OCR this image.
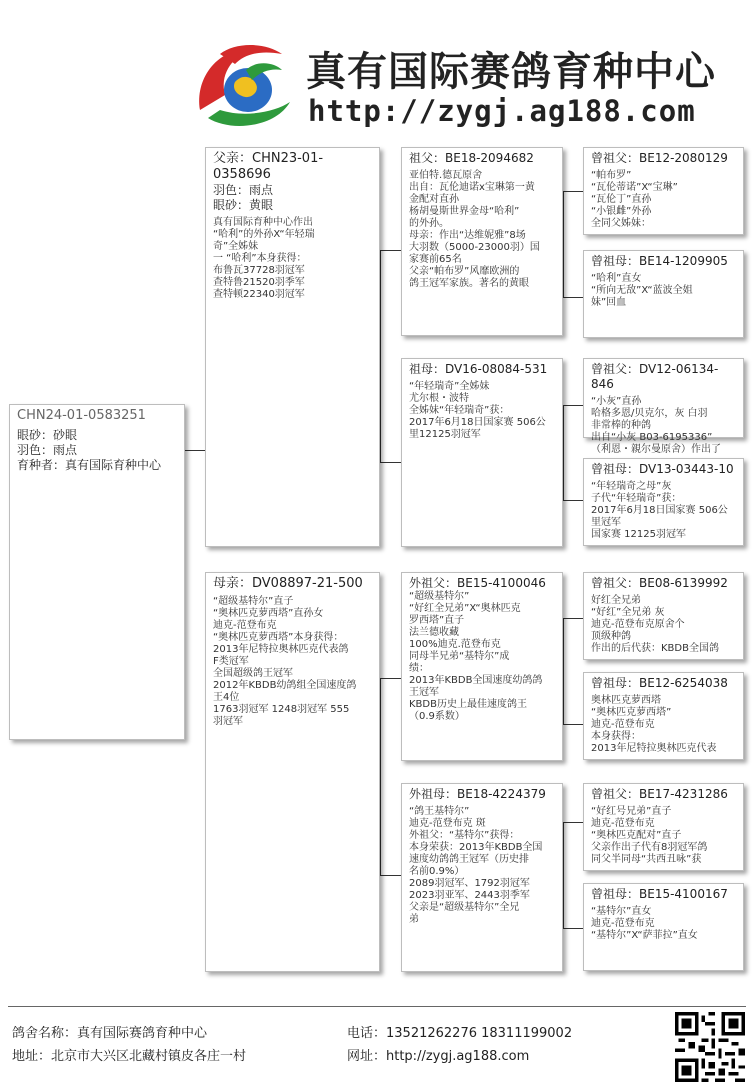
真有国际赛鸽育种中心
http://zygj.ag188.com
CHN24-01-0583251
眼砂：砂眼
羽色：雨点
育种者：真有国际育种中心
父亲：CHN23-01-0358696
羽色：雨点
眼砂：黄眼
真有国际育种中心作出
“哈利”的外孙X“年轻瑞
奇”全姊妹
一 “哈利”本身获得：
布鲁瓦37728羽冠军
查特鲁21520羽季军
查特顿22340羽冠军
母亲：DV08897-21-500
“超级基特尔”直子
“奥林匹克萝西塔”直孙女
迪克-范登布克
“奥林匹克萝西塔”本身获得：
2013年尼特拉奥林匹克代表鸽
F类冠军
全国超级鸽王冠军
2012年KBDB幼鸽组全国速度鸽
王4位
1763羽冠军 1248羽冠军 555
羽冠军
祖父：BE18-2094682
亚伯特.德瓦原舍
出自：瓦伦迪诺x宝琳第一黄
金配对直孙
杨胡曼斯世界金母“哈利”
的外孙。
母亲：作出“达维妮雅”8场
大羽数（5000-23000羽）国
家赛前65名
父亲“帕布罗”风靡欧洲的
鸽王冠军家族。著名的黄眼
祖母：DV16-08084-531
“年轻瑞奇”全姊妹
尤尔根・波特
全姊妹“年轻瑞奇”获：
2017年6月18日国家赛 506公
里12125羽冠军
外祖父：BE15-4100046
“超级基特尔”
“好红全兄弟”X“奥林匹克
罗西塔”直子
法兰德收藏
100%迪克.范登布克
同母半兄弟“基特尔”成
绩：
2013年KBDB全国速度幼鸽鸽
王冠军
KBDB历史上最佳速度鸽王
（0.9系数）
外祖母：BE18-4224379
“鸽王基特尔”
迪克-范登布克 斑
外祖父：“基特尔”获得：
本身荣获：2013年KBDB全国
速度幼鸽鸽王冠军（历史排
名前0.9%）
2089羽冠军、1792羽冠军
2023羽亚军、2443羽季军
父亲是“超级基特尔”全兄
弟
曾祖父：BE12-2080129
“帕布罗”
“瓦伦蒂诺”X“宝琳”
“瓦伦丁”直孙
“小银雌”外孙
全同父姊妹：
曾祖母：BE14-1209905
“哈利”直女
“所向无敌”X“蓝波全姐
妹”回血
曾祖父：DV12-06134-846
“小灰”直孙
哈格多恩/贝克尔，灰 白羽
非常棒的种鸽
出自“小灰 B03-6195336”
（利恩・親尔曼原舍）作出了
曾祖母：DV13-03443-10
“年轻瑞奇之母”灰
子代“年轻瑞奇”获：
2017年6月18日国家赛 506公
里冠军
国家赛 12125羽冠军
曾祖父：BE08-6139992
好红全兄弟
“好红”全兄弟 灰
迪克-范登布克原舍个
顶级种鸽
作出的后代获：KBDB全国鸽
曾祖母：BE12-6254038
奥林匹克萝西塔
“奥林匹克萝西塔”
迪克-范登布克
本身获得：
2013年尼特拉奥林匹克代表
曾祖父：BE17-4231286
“好红号兄弟”直子
迪克-范登布克
“奥林匹克配对”直子
父亲作出子代有8羽冠军鸽
同父半同母“共西丑咏”获
曾祖母：BE15-4100167
“基特尔”直女
迪克-范登布克
“基特尔”X“萨菲拉”直女
鸽舍名称：真有国际赛鸽育种中心
地址：北京市大兴区北藏村镇皮各庄一村
电话：13521262276 18311199002
网址：http://zygj.ag188.com
